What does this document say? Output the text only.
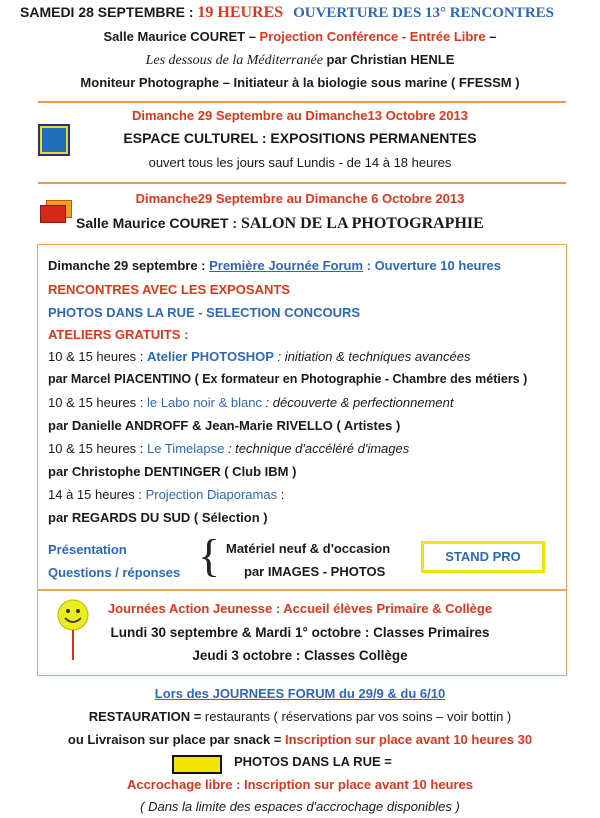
SAMEDI 28 SEPTEMBRE : 19 HEURES OUVERTURE DES 13° RENCONTRES
Salle Maurice COURET – Projection Conférence - Entrée Libre –
Les dessous de la Méditerranée par Christian HENLE
Moniteur Photographe – Initiateur à la biologie sous marine ( FFESSM )
Dimanche 29 Septembre au Dimanche13 Octobre 2013
ESPACE CULTUREL : EXPOSITIONS PERMANENTES
ouvert tous les jours sauf Lundis - de 14 à 18 heures
Dimanche29 Septembre au Dimanche 6 Octobre 2013
Salle Maurice COURET : SALON DE LA PHOTOGRAPHIE
Dimanche 29 septembre : Première Journée Forum : Ouverture 10 heures
RENCONTRES AVEC LES EXPOSANTS
PHOTOS DANS LA RUE - SELECTION CONCOURS
ATELIERS GRATUITS :
10 & 15 heures : Atelier PHOTOSHOP : initiation & techniques avancées
par Marcel PIACENTINO ( Ex formateur en Photographie - Chambre des métiers )
10 & 15 heures : le Labo noir & blanc : découverte & perfectionnement
par Danielle ANDROFF & Jean-Marie RIVELLO ( Artistes )
10 & 15 heures : Le Timelapse : technique d'accéléré d'images
par Christophe DENTINGER ( Club IBM )
14 à 15 heures : Projection Diaporamas :
par REGARDS DU SUD ( Sélection )
Présentation
Questions / réponses { Matériel neuf & d'occasion
par IMAGES - PHOTOS
STAND PRO
Journées Action Jeunesse : Accueil élèves Primaire & Collège
Lundi 30 septembre & Mardi 1° octobre : Classes Primaires
Jeudi 3 octobre : Classes Collège
Lors des JOURNEES FORUM du 29/9 & du 6/10
RESTAURATION = restaurants ( réservations par vos soins – voir bottin )
ou Livraison sur place par snack = Inscription sur place avant 10 heures 30
PHOTOS DANS LA RUE =
Accrochage libre : Inscription sur place avant 10 heures
( Dans la limite des espaces d'accrochage disponibles )
